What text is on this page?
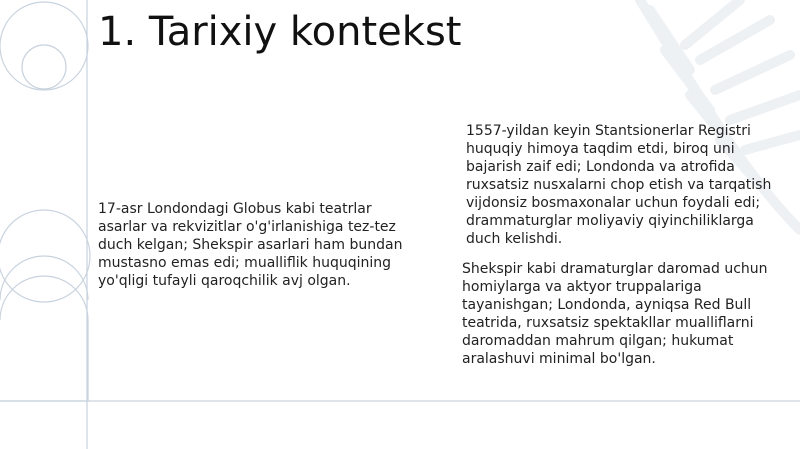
1. Tarixiy kontekst
17-asr Londondagi Globus kabi teatrlar asarlar va rekvizitlar o'g'irlanishiga tez-tez duch kelgan; Shekspir asarlari ham bundan mustasno emas edi; mualliflik huquqining yo'qligi tufayli qaroqchilik avj olgan.
1557-yildan keyin Stantsionerlar Registri huquqiy himoya taqdim etdi, biroq uni bajarish zaif edi; Londonda va atrofida ruxsatsiz nusxalarni chop etish va tarqatish vijdonsiz bosmaxonalar uchun foydali edi; drammaturglar moliyaviy qiyinchiliklarga duch kelishdi.
Shekspir kabi dramaturglar daromad uchun homiylarga va aktyor truppalariga tayanishgan; Londonda, ayniqsa Red Bull teatrida, ruxsatsiz spektakllar mualliflarni daromaddan mahrum qilgan; hukumat aralashuvi minimal bo'lgan.
